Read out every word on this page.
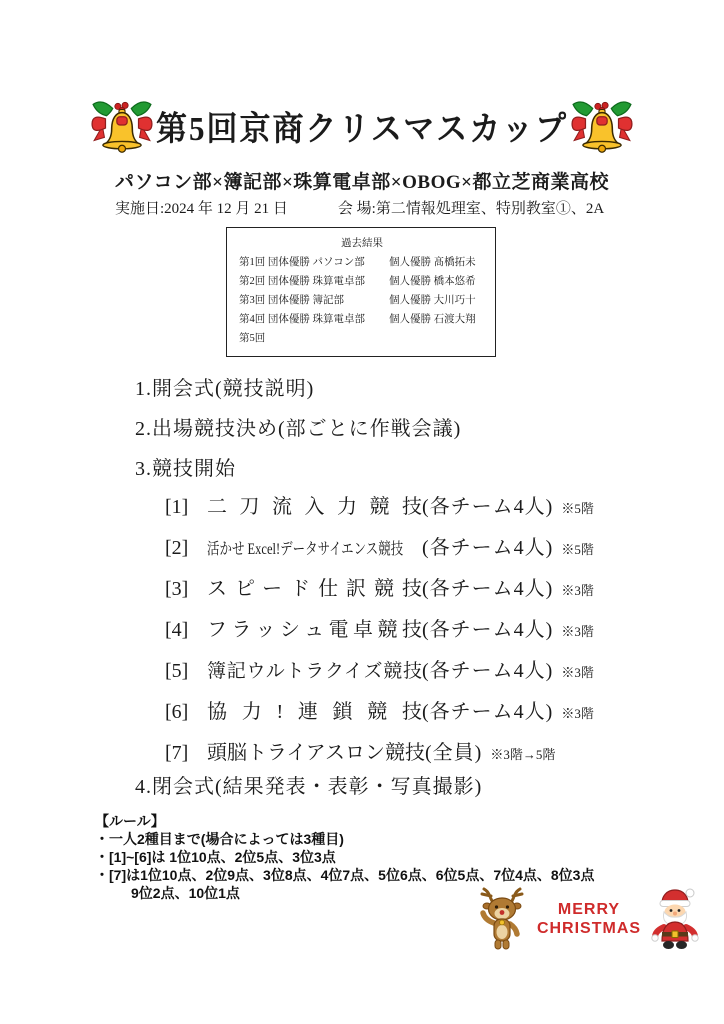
第5回京商クリスマスカップ
パソコン部×簿記部×珠算電卓部×OBOG×都立芝商業高校
実施日:2024 年 12 月 21 日	会 場:第二情報処理室、特別教室①、2A
過去結果
第1回 団体優勝 パソコン部	個人優勝 髙橋拓未
第2回 団体優勝 珠算電卓部	個人優勝 橋本悠希
第3回 団体優勝 簿記部	個人優勝 大川巧十
第4回 団体優勝 珠算電卓部	個人優勝 石渡大翔
第5回
1.開会式(競技説明)
2.出場競技決め(部ごとに作戦会議)
3.競技開始
[1] 二刀流入力競技 (各チーム4人) ※5階
[2]	活かせ Excel!データサイエンス競技 (各チーム4人) ※5階
[3] スピード仕訳競技 (各チーム4人) ※3階
[4] フラッシュ電卓競技 (各チーム4人) ※3階
[5] 簿記ウルトラクイズ競技 (各チーム4人) ※3階
[6] 協力!連鎖競技 (各チーム4人) ※3階
[7] 頭脳トライアスロン競技 (全員) ※3階→5階
4.閉会式(結果発表・表彰・写真撮影)
【ルール】
・一人2種目まで(場合によっては3種目)
・[1]~[6]は 1位10点、2位5点、3位3点
・[7]は1位10点、2位9点、3位8点、4位7点、5位6点、6位5点、7位4点、8位3点
9位2点、10位1点
MERRY
CHRISTMAS
